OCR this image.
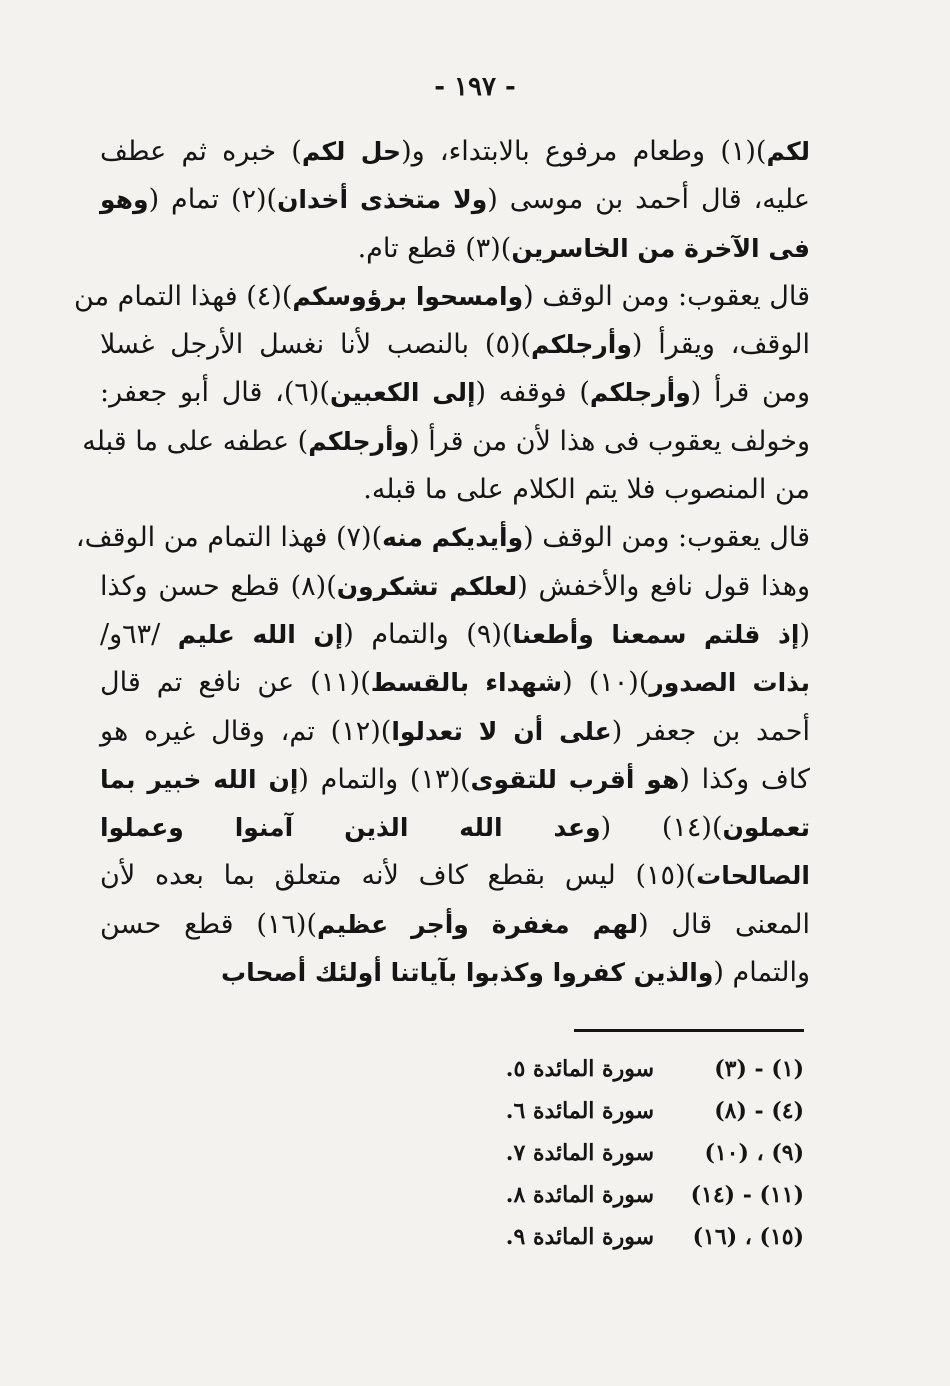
- ١٩٧ -
لكم)(١) وطعام مرفوع بالابتداء، و(حل لكم) خبره ثم عطف
عليه، قال أحمد بن موسى (ولا متخذى أخدان)(٢) تمام (وهو
فى الآخرة من الخاسرين)(٣) قطع تام.
قال يعقوب: ومن الوقف (وامسحوا برؤوسكم)(٤) فهذا التمام من
الوقف، ويقرأ (وأرجلكم)(٥) بالنصب لأنا نغسل الأرجل غسلا
ومن قرأ (وأرجلكم) فوقفه (إلى الكعبين)(٦)، قال أبو جعفر:
وخولف يعقوب فى هذا لأن من قرأ (وأرجلكم) عطفه على ما قبله
من المنصوب فلا يتم الكلام على ما قبله.
قال يعقوب: ومن الوقف (وأيديكم منه)(٧) فهذا التمام من الوقف،
وهذا قول نافع والأخفش (لعلكم تشكرون)(٨) قطع حسن وكذا
(إذ قلتم سمعنا وأطعنا)(٩) والتمام (إن الله عليم /٦٣و/
بذات الصدور)(١٠) (شهداء بالقسط)(١١) عن نافع تم قال
أحمد بن جعفر (على أن لا تعدلوا)(١٢) تم، وقال غيره هو
كاف وكذا (هو أقرب للتقوى)(١٣) والتمام (إن الله خبير بما
تعملون)(١٤) (وعد الله الذين آمنوا وعملوا
الصالحات)(١٥) ليس بقطع كاف لأنه متعلق بما بعده لأن
المعنى قال (لهم مغفرة وأجر عظيم)(١٦) قطع حسن
والتمام (والذين كفروا وكذبوا بآياتنا أولئك أصحاب
(١) - (٣)سورة المائدة ٥.
(٤) - (٨)سورة المائدة ٦.
(٩) ، (١٠)سورة المائدة ٧.
(١١) - (١٤)سورة المائدة ٨.
(١٥) ، (١٦)سورة المائدة ٩.
